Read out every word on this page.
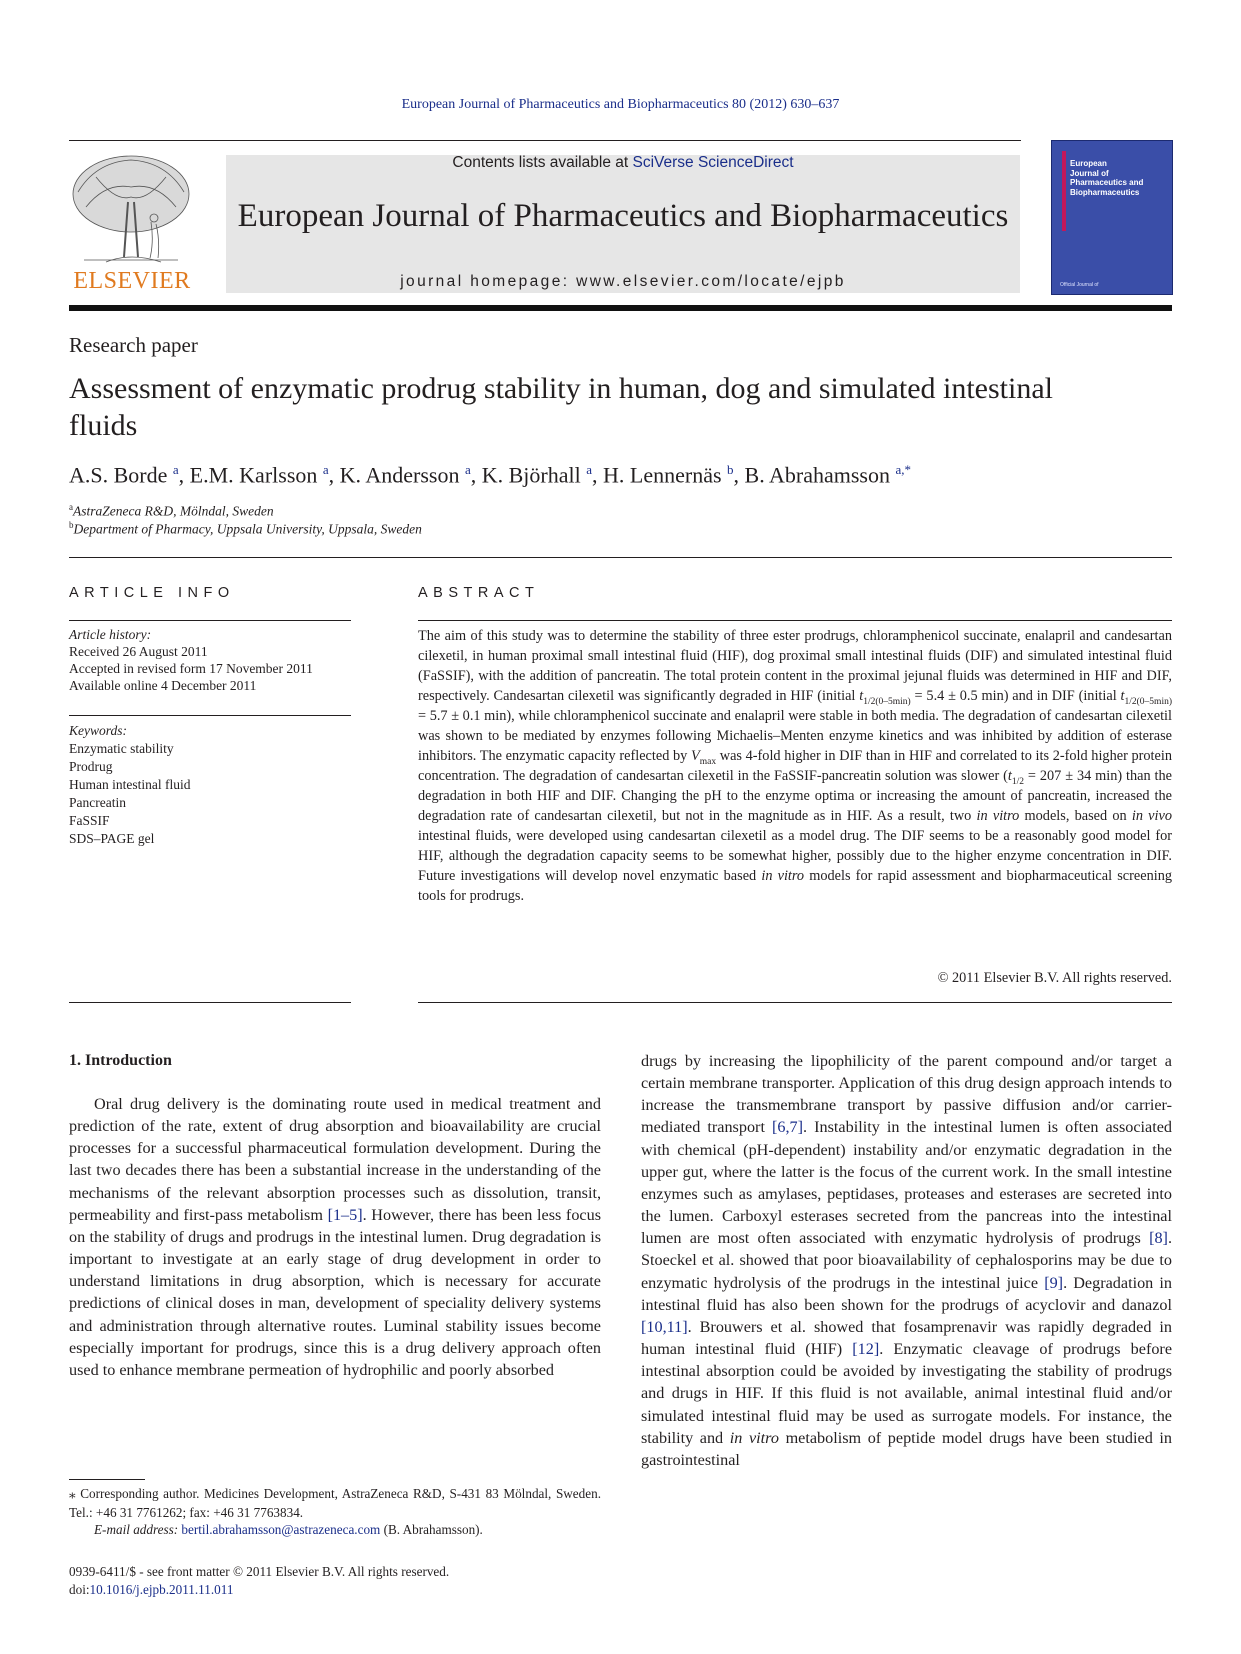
European Journal of Pharmaceutics and Biopharmaceutics 80 (2012) 630–637
ELSEVIER
Contents lists available at SciVerse ScienceDirect
European Journal of Pharmaceutics and Biopharmaceutics
journal homepage: www.elsevier.com/locate/ejpb
European
Journal of
Pharmaceutics and
Biopharmaceutics
Official Journal of
Research paper
Assessment of enzymatic prodrug stability in human, dog and simulated intestinal fluids
A.S. Borde $^a$, E.M. Karlsson $^a$, K. Andersson $^a$, K. Björhall $^a$, H. Lennernäs $^b$, B. Abrahamsson $^{a,*}$
$^a$AstraZeneca R&D, Mölndal, Sweden
$^b$Department of Pharmacy, Uppsala University, Uppsala, Sweden
ARTICLE INFO	ABSTRACT
Article history:
Received 26 August 2011
Accepted in revised form 17 November 2011
Available online 4 December 2011
Keywords:
Enzymatic stability
Prodrug
Human intestinal fluid
Pancreatin
FaSSIF
SDS–PAGE gel
The aim of this study was to determine the stability of three ester prodrugs, chloramphenicol succinate, enalapril and candesartan cilexetil, in human proximal small intestinal fluid (HIF), dog proximal small intestinal fluids (DIF) and simulated intestinal fluid (FaSSIF), with the addition of pancreatin. The total protein content in the proximal jejunal fluids was determined in HIF and DIF, respectively. Candesartan cilexetil was significantly degraded in HIF (initial $t_{1/2(0-5min)} = 5.4 \pm 0.5$ min) and in DIF (initial $t_{1/2(0-5min)} = 5.7 \pm 0.1$ min), while chloramphenicol succinate and enalapril were stable in both media. The degradation of candesartan cilexetil was shown to be mediated by enzymes following Michaelis–Menten enzyme kinetics and was inhibited by addition of esterase inhibitors. The enzymatic capacity reflected by $V_{max}$ was 4-fold higher in DIF than in HIF and correlated to its 2-fold higher protein concentration. The degradation of candesartan cilexetil in the FaSSIF-pancreatin solution was slower ($t_{1/2} = 207 \pm 34$ min) than the degradation in both HIF and DIF. Changing the pH to the enzyme optima or increasing the amount of pancreatin, increased the degradation rate of candesartan cilexetil, but not in the magnitude as in HIF. As a result, two in vitro models, based on in vivo intestinal fluids, were developed using candesartan cilexetil as a model drug. The DIF seems to be a reasonably good model for HIF, although the degradation capacity seems to be somewhat higher, possibly due to the higher enzyme concentration in DIF. Future investigations will develop novel enzymatic based in vitro models for rapid assessment and biopharmaceutical screening tools for prodrugs.
© 2011 Elsevier B.V. All rights reserved.
1. Introduction

Oral drug delivery is the dominating route used in medical treatment and prediction of the rate, extent of drug absorption and bioavailability are crucial processes for a successful pharmaceutical formulation development. During the last two decades there has been a substantial increase in the understanding of the mechanisms of the relevant absorption processes such as dissolution, transit, permeability and first-pass metabolism [1–5]. However, there has been less focus on the stability of drugs and prodrugs in the intestinal lumen. Drug degradation is important to investigate at an early stage of drug development in order to understand limitations in drug absorption, which is necessary for accurate predictions of clinical doses in man, development of speciality delivery systems and administration through alternative routes. Luminal stability issues become especially important for prodrugs, since this is a drug delivery approach often used to enhance membrane permeation of hydrophilic and poorly absorbed

drugs by increasing the lipophilicity of the parent compound and/or target a certain membrane transporter. Application of this drug design approach intends to increase the transmembrane transport by passive diffusion and/or carrier-mediated transport [6,7]. Instability in the intestinal lumen is often associated with chemical (pH-dependent) instability and/or enzymatic degradation in the upper gut, where the latter is the focus of the current work. In the small intestine enzymes such as amylases, peptidases, proteases and esterases are secreted into the lumen. Carboxyl esterases secreted from the pancreas into the intestinal lumen are most often associated with enzymatic hydrolysis of prodrugs [8]. Stoeckel et al. showed that poor bioavailability of cephalosporins may be due to enzymatic hydrolysis of the prodrugs in the intestinal juice [9]. Degradation in intestinal fluid has also been shown for the prodrugs of acyclovir and danazol [10,11]. Brouwers et al. showed that fosamprenavir was rapidly degraded in human intestinal fluid (HIF) [12]. Enzymatic cleavage of prodrugs before intestinal absorption could be avoided by investigating the stability of prodrugs and drugs in HIF. If this fluid is not available, animal intestinal fluid and/or simulated intestinal fluid may be used as surrogate models. For instance, the stability and in vitro metabolism of peptide model drugs have been studied in gastrointestinal

⁎ Corresponding author. Medicines Development, AstraZeneca R&D, S-431 83 Mölndal, Sweden. Tel.: +46 31 7761262; fax: +46 31 7763834.
E-mail address: bertil.abrahamsson@astrazeneca.com (B. Abrahamsson).
0939-6411/$ - see front matter © 2011 Elsevier B.V. All rights reserved.
doi:10.1016/j.ejpb.2011.11.011
